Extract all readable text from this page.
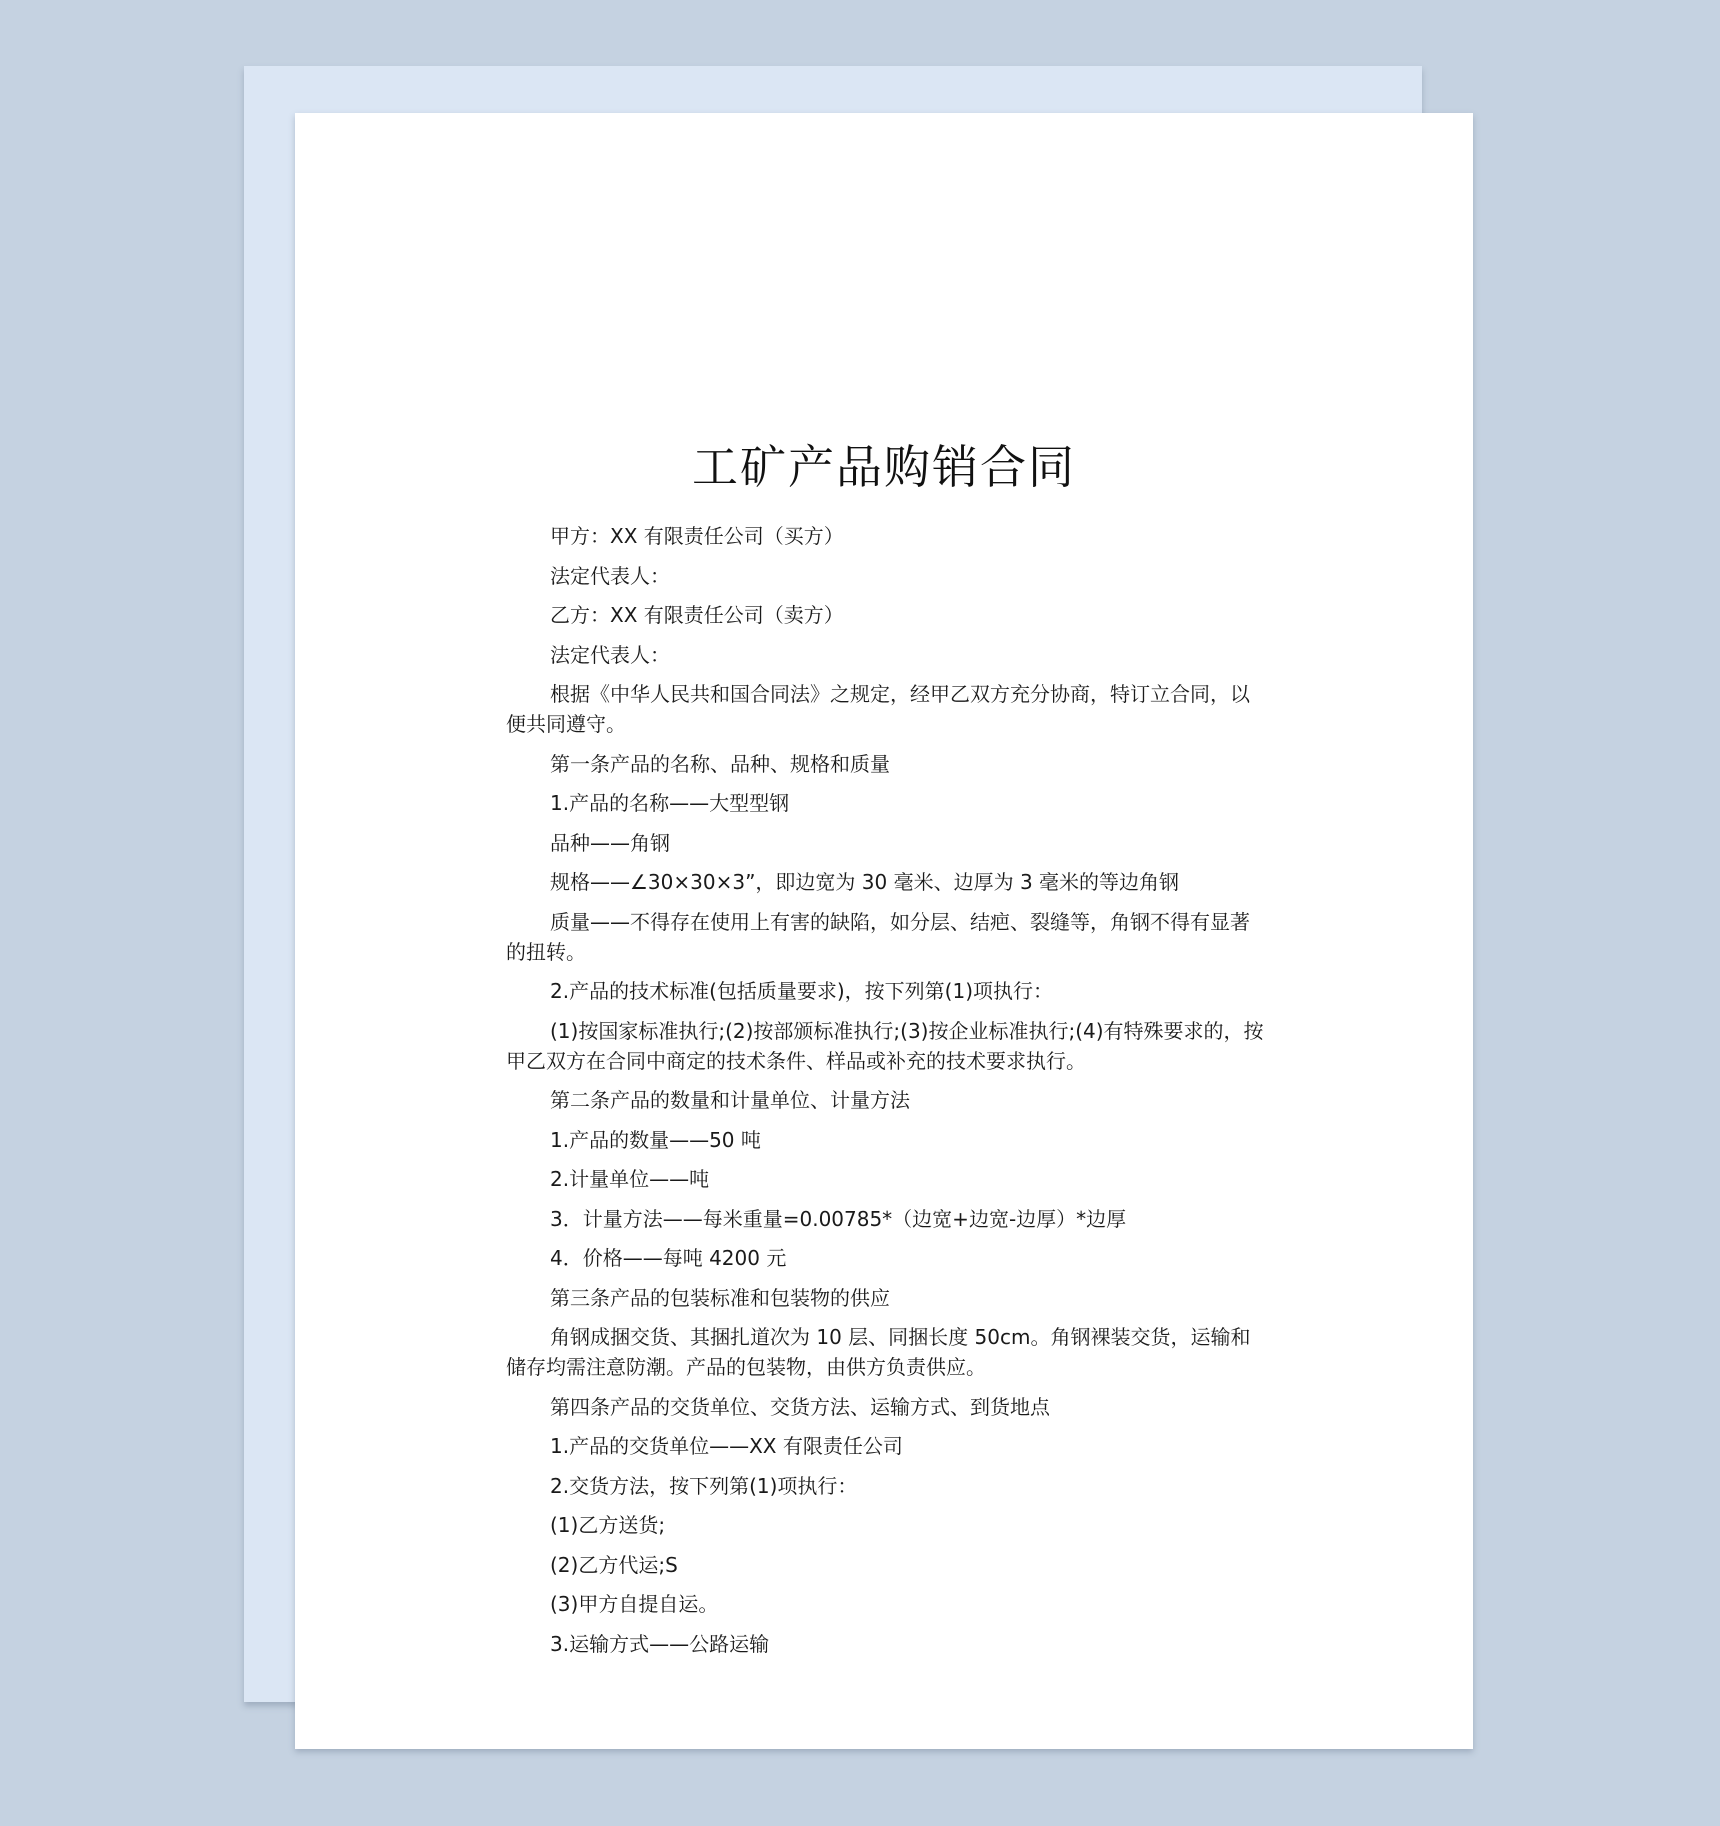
工矿产品购销合同

甲方：XX 有限责任公司（买方）

法定代表人：

乙方：XX 有限责任公司（卖方）

法定代表人：

根据《中华人民共和国合同法》之规定，经甲乙双方充分协商，特订立合同，以便共同遵守。

第一条产品的名称、品种、规格和质量

1.产品的名称——大型型钢

品种——角钢

规格——∠30×30×3”，即边宽为 30 毫米、边厚为 3 毫米的等边角钢

质量——不得存在使用上有害的缺陷，如分层、结疤、裂缝等，角钢不得有显著的扭转。

2.产品的技术标准(包括质量要求)，按下列第(1)项执行：

(1)按国家标准执行;(2)按部颁标准执行;(3)按企业标准执行;(4)有特殊要求的，按甲乙双方在合同中商定的技术条件、样品或补充的技术要求执行。

第二条产品的数量和计量单位、计量方法

1.产品的数量——50 吨

2.计量单位——吨

3．计量方法——每米重量=0.00785*（边宽+边宽-边厚）*边厚

4．价格——每吨 4200 元

第三条产品的包装标准和包装物的供应

角钢成捆交货、其捆扎道次为 10 层、同捆长度 50cm。角钢裸装交货，运输和储存均需注意防潮。产品的包装物，由供方负责供应。

第四条产品的交货单位、交货方法、运输方式、到货地点

1.产品的交货单位——XX 有限责任公司

2.交货方法，按下列第(1)项执行：

(1)乙方送货;

(2)乙方代运;S

(3)甲方自提自运。

3.运输方式——公路运输
